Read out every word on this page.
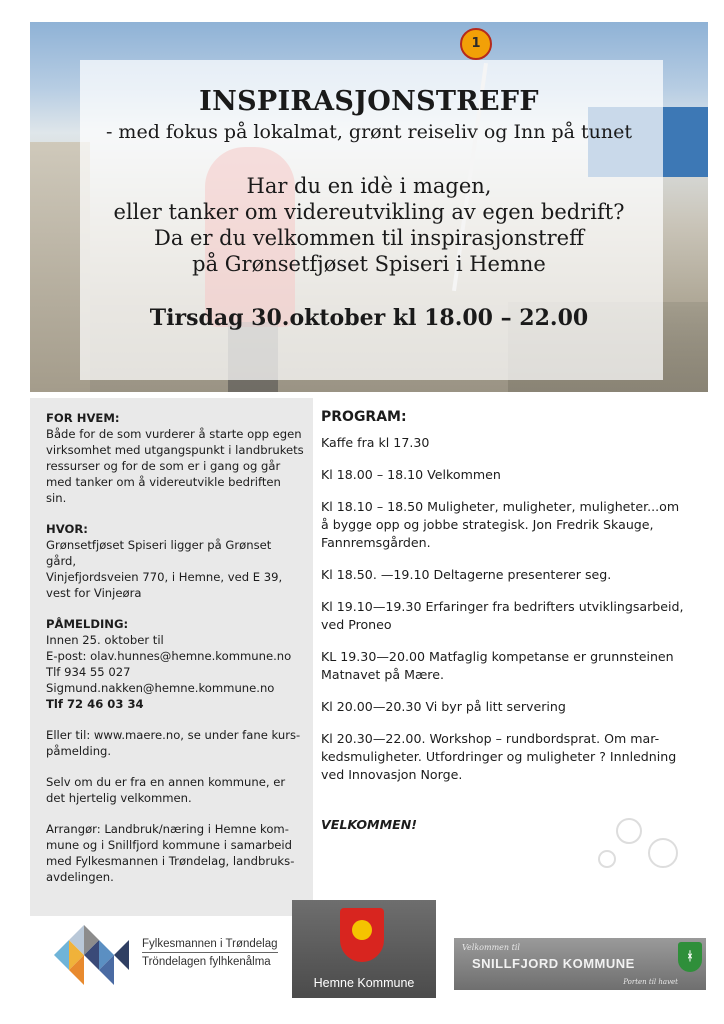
1

INSPIRASJONSTREFF

- med fokus på lokalmat, grønt reiseliv og Inn på tunet

Har du en idè i magen,
eller tanker om videreutvikling av egen bedrift?
Da er du velkommen til inspirasjonstreff
på Grønsetfjøset Spiseri i Hemne

Tirsdag 30.oktober kl 18.00 – 22.00

FOR HVEM:

Både for de som vurderer å starte opp egen

virksomhet med utgangspunkt i landbrukets

ressurser og for de som er i gang og går

med tanker om å videreutvikle bedriften

sin.

HVOR:

Grønsetfjøset Spiseri ligger på Grønset gård,

Vinjefjordsveien 770, i Hemne, ved E 39,

vest for Vinjeøra

PÅMELDING:

Innen 25. oktober til

E-post: olav.hunnes@hemne.kommune.no

Tlf 934 55 027

Sigmund.nakken@hemne.kommune.no

Tlf 72 46 03 34

Eller til: www.maere.no, se under fane kurs-

påmelding.

Selv om du er fra en annen kommune, er

det hjertelig velkommen.

Arrangør: Landbruk/næring i Hemne kom-

mune og i Snillfjord kommune i samarbeid

med Fylkesmannen i Trøndelag, landbruks-

avdelingen.

PROGRAM:

Kaffe fra kl 17.30

Kl 18.00 – 18.10 Velkommen

Kl 18.10 – 18.50 Muligheter, muligheter, muligheter...om
å bygge opp og jobbe strategisk. Jon Fredrik Skauge,
Fannremsgården.

Kl 18.50. —19.10 Deltagerne presenterer seg.

Kl 19.10—19.30 Erfaringer fra bedrifters utviklingsarbeid,
ved Proneo

KL 19.30—20.00 Matfaglig kompetanse er grunnsteinen
Matnavet på Mære.

Kl 20.00—20.30 Vi byr på litt servering

Kl 20.30—22.00. Workshop – rundbordsprat. Om mar-
kedsmuligheter. Utfordringer og muligheter ? Innledning
ved Innovasjon Norge.

VELKOMMEN!

Fylkesmannen i Trøndelag
Tröndelagen fylhkenålma
Hemne Kommune
Velkommen til
SNILLFJORD KOMMUNE
Porten til havet
ᚼ
